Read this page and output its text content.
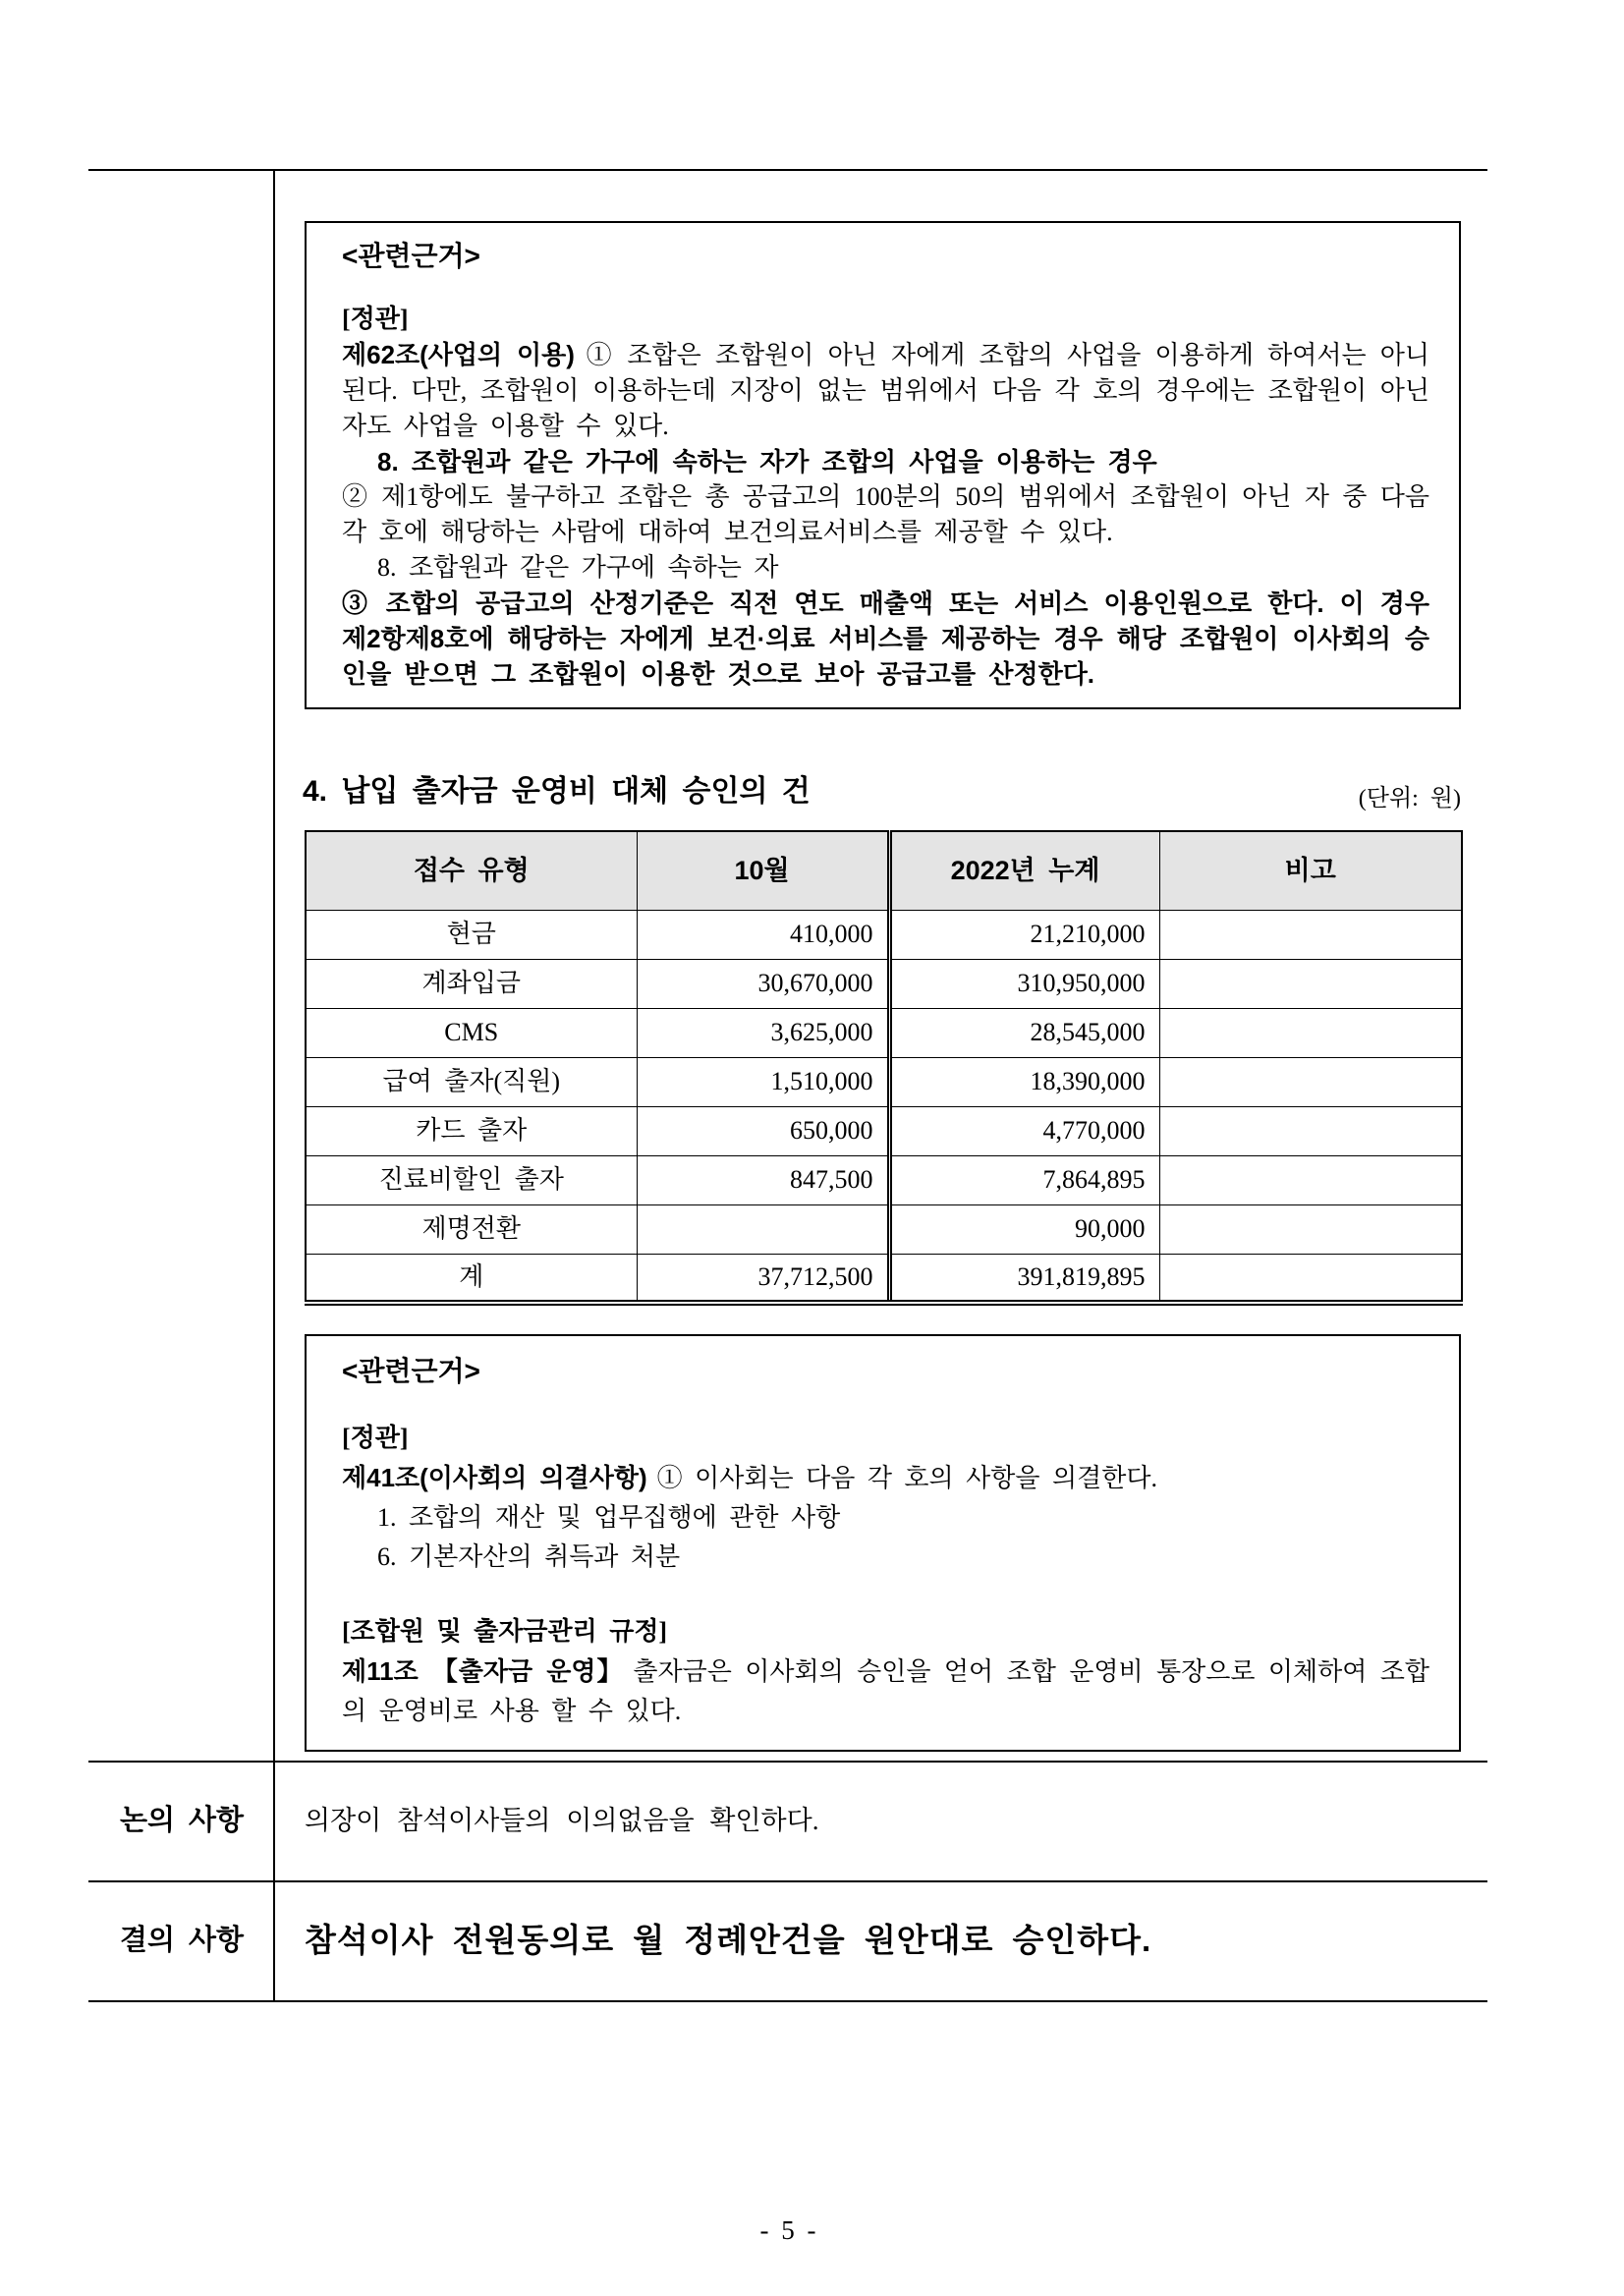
<관련근거>
[정관]
제62조(사업의 이용) ① 조합은 조합원이 아닌 자에게 조합의 사업을 이용하게 하여서는 아니 된다. 다만, 조합원이 이용하는데 지장이 없는 범위에서 다음 각 호의 경우에는 조합원이 아닌 자도 사업을 이용할 수 있다.
8. 조합원과 같은 가구에 속하는 자가 조합의 사업을 이용하는 경우
② 제1항에도 불구하고 조합은 총 공급고의 100분의 50의 범위에서 조합원이 아닌 자 중 다음 각 호에 해당하는 사람에 대하여 보건의료서비스를 제공할 수 있다.
8. 조합원과 같은 가구에 속하는 자
③ 조합의 공급고의 산정기준은 직전 연도 매출액 또는 서비스 이용인원으로 한다. 이 경우 제2항제8호에 해당하는 자에게 보건·의료 서비스를 제공하는 경우 해당 조합원이 이사회의 승인을 받으면 그 조합원이 이용한 것으로 보아 공급고를 산정한다.
4. 납입 출자금 운영비 대체 승인의 건	(단위: 원)
접수 유형	10월	2022년 누계	비고
현금	410,000	21,210,000	
계좌입금	30,670,000	310,950,000	
CMS	3,625,000	28,545,000	
급여 출자(직원)	1,510,000	18,390,000	
카드 출자	650,000	4,770,000	
진료비할인 출자	847,500	7,864,895	
제명전환		90,000	
계	37,712,500	391,819,895	
<관련근거>
[정관]
제41조(이사회의 의결사항) ① 이사회는 다음 각 호의 사항을 의결한다.
1. 조합의 재산 및 업무집행에 관한 사항
6. 기본자산의 취득과 처분
[조합원 및 출자금관리 규정]
제11조 【출자금 운영】 출자금은 이사회의 승인을 얻어 조합 운영비 통장으로 이체하여 조합의 운영비로 사용 할 수 있다.
논의 사항	의장이 참석이사들의 이의없음을 확인하다.
결의 사항	참석이사 전원동의로 월 정례안건을 원안대로 승인하다.
- 5 -
